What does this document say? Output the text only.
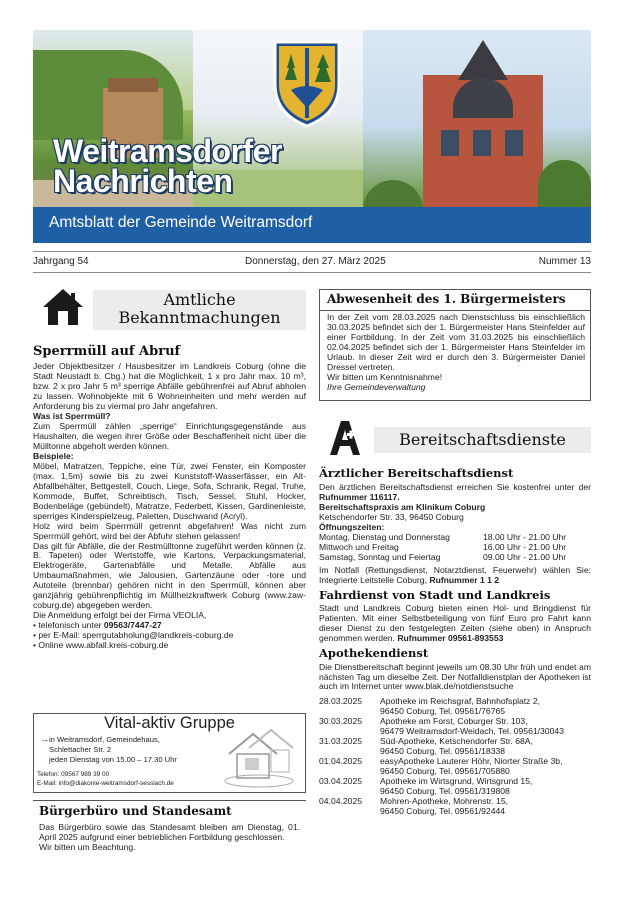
Weitramsdorfer
Nachrichten
Amtsblatt der Gemeinde Weitramsdorf
Jahrgang 54	Donnerstag, den 27. März 2025	Nummer 13
Amtliche
Bekanntmachungen
Sperrmüll auf Abruf

Jeder Objektbesitzer / Hausbesitzer im Landkreis Coburg (ohne die Stadt Neustadt b. Cbg.) hat die Möglichkeit, 1 x pro Jahr max. 10 m³, bzw. 2 x pro Jahr 5 m³ sperrige Abfälle gebührenfrei auf Abruf abholen zu lassen. Wohnobjekte mit 6 Wohneinheiten und mehr werden auf Anforderung bis zu viermal pro Jahr angefahren.

Was ist Sperrmüll?

Zum Sperrmüll zählen „sperrige“ Einrichtungsgegenstände aus Haushalten, die wegen ihrer Größe oder Beschaffenheit nicht über die Mülltonne abgeholt werden können.

Beispiele:

Möbel, Matratzen, Teppiche, eine Tür, zwei Fenster, ein Komposter (max. 1,5m) sowie bis zu zwei Kunststoff-Wasserfässer, ein Alt-Abfallbehälter, Bettgestell, Couch, Liege, Sofa, Schrank, Regal, Truhe, Kommode, Buffet, Schreibtisch, Tisch, Sessel, Stuhl, Hocker, Bodenbeläge (gebündelt), Matratze, Federbett, Kissen, Gardinenleiste, sperriges Kinderspielzeug, Paletten, Duschwand (Acryl).

Holz wird beim Sperrmüll getrennt abgefahren! Was nicht zum Sperrmüll gehört, wird bei der Abfuhr stehen gelassen!

Das gilt für Abfälle, die der Restmülltonne zugeführt werden können (z. B. Tapeten) oder Wertstoffe, wie Kartons, Verpackungsmaterial, Elektrogeräte, Gartenabfälle und Metalle. Abfälle aus Umbaumaßnahmen, wie Jalousien, Gartenzäune oder -tore und Autoteile (brennbar) gehören nicht in den Sperrmüll, können aber ganzjährig gebührenpflichtig im Müllheizkraftwerk Coburg (www.zaw-coburg.de) abgegeben werden.

Die Anmeldung erfolgt bei der Firma VEOLIA,

• telefonisch unter 09563/7447-27

• per E-Mail: sperrgutabholung@landkreis-coburg.de

• Online www.abfall.kreis-coburg.de

Vital-aktiv Gruppe
→ in Weitramsdorf, Gemeindehaus,
Schlettacher Str. 2
jeden Dienstag von 15.00 – 17.30 Uhr
Telefon: 09567 989 39 00
E-Mail: info@diakonie-weitramsdorf-sesslach.de
Bürgerbüro und Standesamt

Das Bürgerbüro sowie das Standesamt bleiben am Dienstag, 01. April 2025 aufgrund einer betrieblichen Fortbildung geschlossen.

Wir bitten um Beachtung.

Abwesenheit des 1. Bürgermeisters

In der Zeit vom 28.03.2025 nach Dienstschluss bis einschließlich 30.03.2025 befindet sich der 1. Bürgermeister Hans Steinfelder auf einer Fortbildung. In der Zeit vom 31.03.2025 bis einschließlich 02.04.2025 befindet sich der 1. Bürgermeister Hans Steinfelder im Urlaub. In dieser Zeit wird er durch den 3. Bürgermeister Daniel Dressel vertreten.

Wir bitten um Kenntnisnahme!

Ihre Gemeindeverwaltung

Bereitschaftsdienste
Ärztlicher Bereitschaftsdienst

Den ärztlichen Bereitschaftsdienst erreichen Sie kostenfrei unter der Rufnummer 116117.

Bereitschaftspraxis am Klinikum Coburg

Ketschendorfer Str. 33, 96450 Coburg

Öffnungszeiten:

Montag, Dienstag und Donnerstag	18.00 Uhr - 21.00 Uhr
Mittwoch und Freitag	16.00 Uhr - 21.00 Uhr
Samstag, Sonntag und Feiertag	09.00 Uhr - 21.00 Uhr

Im Notfall (Rettungsdienst, Notarztdienst, Feuerwehr) wählen Sie: Integrierte Leitstelle Coburg, Rufnummer 1 1 2

Fahrdienst von Stadt und Landkreis

Stadt und Landkreis Coburg bieten einen Hol- und Bringdienst für Patienten. Mit einer Selbstbeteiligung von fünf Euro pro Fahrt kann dieser Dienst zu den festgelegten Zeiten (siehe oben) in Anspruch genommen werden. Rufnummer 09561-893553

Apothekendienst

Die Dienstbereitschaft beginnt jeweils um 08.30 Uhr früh und endet am nächsten Tag um dieselbe Zeit. Der Notfalldienstplan der Apotheken ist auch im Internet unter www.blak.de/notdienstsuche

28.03.2025	Apotheke im Reichsgraf, Bahnhofsplatz 2,
96450 Coburg, Tel. 09561/76765

30.03.2025	Apotheke am Forst, Coburger Str. 103,
96479 Weitramsdorf-Weidach, Tel. 09561/30043

31.03.2025	Süd-Apotheke, Ketschendorfer Str. 68A,
96450 Coburg, Tel. 09561/18338

01.04.2025	easyApotheke Lauterer Höhr, Niorter Straße 3b,
96450 Coburg, Tel. 09561/705880

03.04.2025	Apotheke im Wirtsgrund, Wirtsgrund 15,
96450 Coburg, Tel. 09561/319808

04.04.2025	Mohren-Apotheke, Mohrenstr. 15,
96450 Coburg, Tel. 09561/92444
